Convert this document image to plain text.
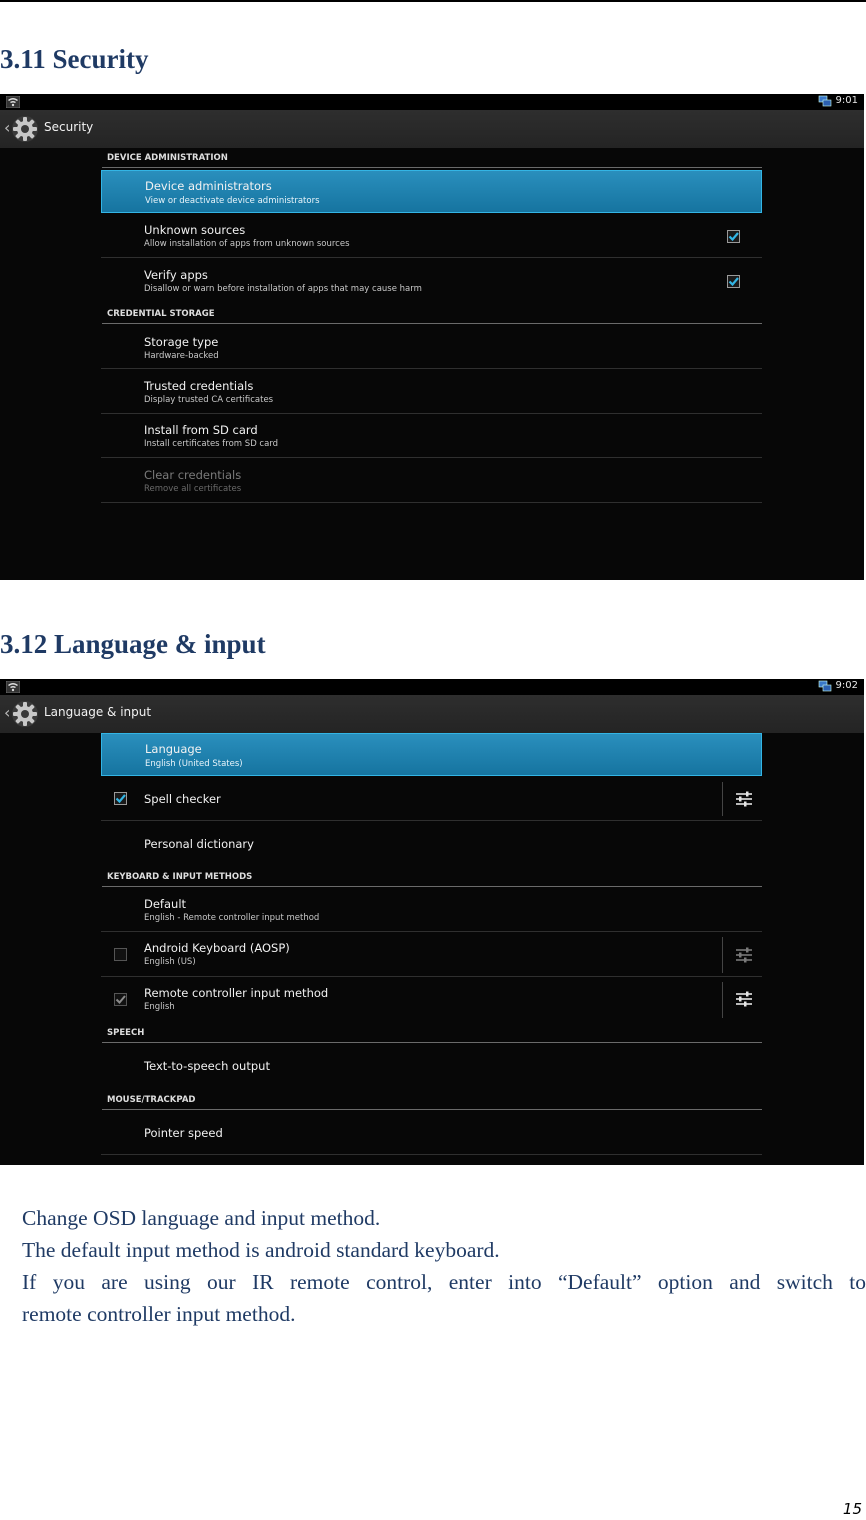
3.11 Security
9:01
‹	Security
DEVICE ADMINISTRATION
Device administrators
View or deactivate device administrators
Unknown sources
Allow installation of apps from unknown sources
Verify apps
Disallow or warn before installation of apps that may cause harm
CREDENTIAL STORAGE
Storage type
Hardware-backed
Trusted credentials
Display trusted CA certificates
Install from SD card
Install certificates from SD card
Clear credentials
Remove all certificates
3.12 Language & input
9:02
‹	Language & input
Language
English (United States)
Spell checker
Personal dictionary
KEYBOARD & INPUT METHODS
Default
English - Remote controller input method
Android Keyboard (AOSP)
English (US)
Remote controller input method
English
SPEECH
Text-to-speech output
MOUSE/TRACKPAD
Pointer speed
Change OSD language and input method.
The default input method is android standard keyboard.
If you are using our IR remote control, enter into “Default” option and switch to
remote controller input method.
15
